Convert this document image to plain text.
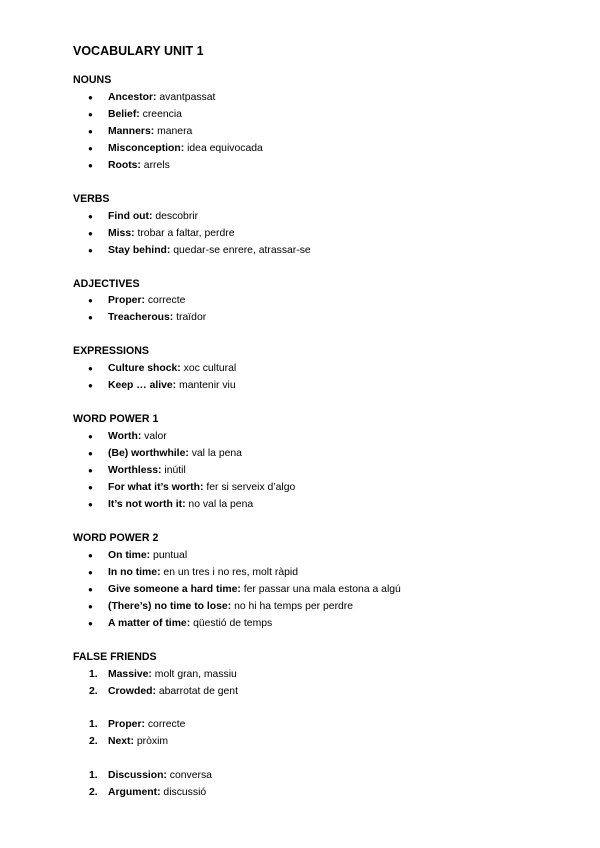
VOCABULARY UNIT 1
NOUNS
● Ancestor: avantpassat
● Belief: creencia
● Manners: manera
● Misconception: idea equivocada
● Roots: arrels
VERBS
● Find out: descobrir
● Miss: trobar a faltar, perdre
● Stay behind: quedar-se enrere, atrassar-se
ADJECTIVES
● Proper: correcte
● Treacherous: traïdor
EXPRESSIONS
● Culture shock: xoc cultural
● Keep … alive: mantenir viu
WORD POWER 1
● Worth: valor
● (Be) worthwhile: val la pena
● Worthless: inútil
● For what it’s worth: fer si serveix d’algo
● It’s not worth it: no val la pena
WORD POWER 2
● On time: puntual
● In no time: en un tres i no res, molt ràpid
● Give someone a hard time: fer passar una mala estona a algú
● (There’s) no time to lose: no hi ha temps per perdre
● A matter of time: qüestió de temps
FALSE FRIENDS
1. Massive: molt gran, massiu
2. Crowded: abarrotat de gent
1. Proper: correcte
2. Next: pròxim
1. Discussion: conversa
2. Argument: discussió
